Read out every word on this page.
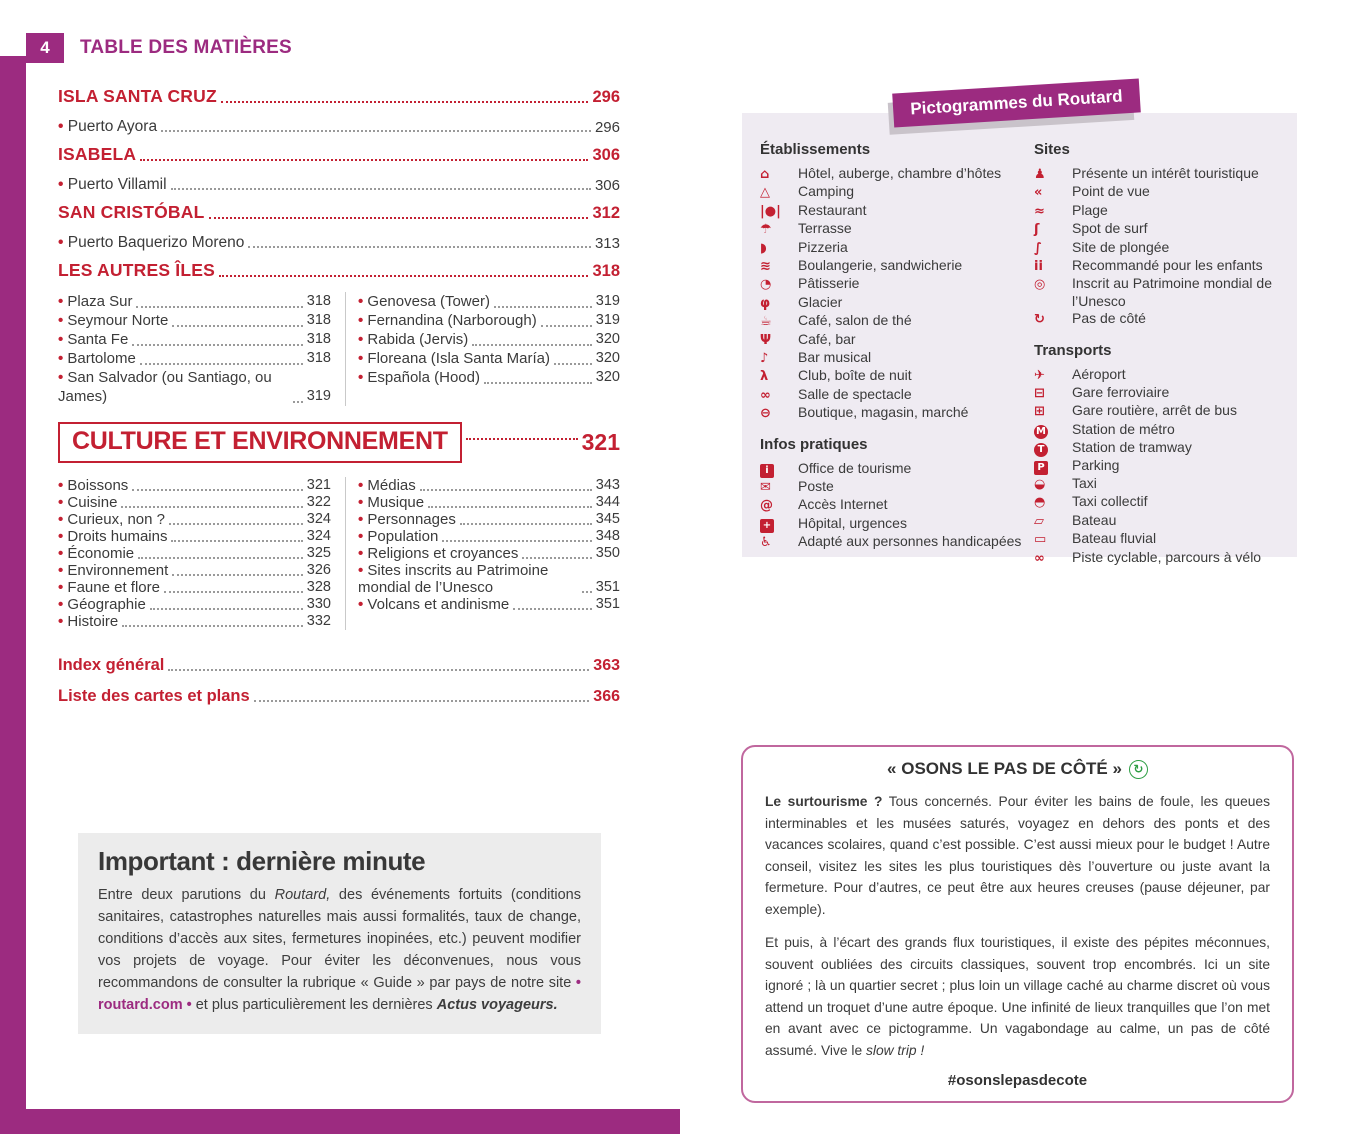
4	TABLE DES MATIÈRES
ISLA SANTA CRUZ	296
• Puerto Ayora	296
ISABELA	306
• Puerto Villamil	306
SAN CRISTÓBAL	312
• Puerto Baquerizo Moreno	313
LES AUTRES ÎLES	318
• Plaza Sur	318
• Seymour Norte	318
• Santa Fe	318
• Bartolome	318
• San Salvador (ou Santiago, ou James)	319
• Genovesa (Tower)	319
• Fernandina (Narborough)	319
• Rabida (Jervis)	320
• Floreana (Isla Santa María)	320
• Española (Hood)	320
CULTURE ET ENVIRONNEMENT	321
• Boissons	321
• Cuisine	322
• Curieux, non ?	324
• Droits humains	324
• Économie	325
• Environnement	326
• Faune et flore	328
• Géographie	330
• Histoire	332
• Médias	343
• Musique	344
• Personnages	345
• Population	348
• Religions et croyances	350
• Sites inscrits au Patrimoine mondial de l’Unesco	351
• Volcans et andinisme	351
Index général	363
Liste des cartes et plans	366
Établissements
⌂	Hôtel, auberge, chambre d’hôtes
△	Camping
|●|	Restaurant
☂	Terrasse
◗	Pizzeria
≋	Boulangerie, sandwicherie
◔	Pâtisserie
φ	Glacier
☕	Café, salon de thé
Ψ	Café, bar
♪	Bar musical
λ	Club, boîte de nuit
∞	Salle de spectacle
⊖	Boutique, magasin, marché
Infos pratiques
i	Office de tourisme
✉	Poste
@	Accès Internet
+	Hôpital, urgences
♿	Adapté aux personnes handicapées
Sites
♟	Présente un intérêt touristique
«	Point de vue
≈	Plage
ʃ	Spot de surf
∫	Site de plongée
ii	Recommandé pour les enfants
◎	Inscrit au Patrimoine mondial de l’Unesco
↻	Pas de côté
Transports
✈	Aéroport
⊟	Gare ferroviaire
⊞	Gare routière, arrêt de bus
M	Station de métro
T	Station de tramway
P	Parking
◒	Taxi
◓	Taxi collectif
▱	Bateau
▭	Bateau fluvial
∞	Piste cyclable, parcours à vélo
Pictogrammes du Routard
Important : dernière minute
Entre deux parutions du Routard, des événements fortuits (conditions sanitaires, catastrophes naturelles mais aussi formalités, taux de change, conditions d’accès aux sites, fermetures inopinées, etc.) peuvent modifier vos projets de voyage. Pour éviter les déconvenues, nous vous recommandons de consulter la rubrique « Guide » par pays de notre site • routard.com • et plus particulièrement les dernières Actus voyageurs.
« OSONS LE PAS DE CÔTÉ » ↻
Le surtourisme ? Tous concernés. Pour éviter les bains de foule, les queues interminables et les musées saturés, voyagez en dehors des ponts et des vacances scolaires, quand c’est possible. C’est aussi mieux pour le budget ! Autre conseil, visitez les sites les plus touristiques dès l’ouverture ou juste avant la fermeture. Pour d’autres, ce peut être aux heures creuses (pause déjeuner, par exemple).
Et puis, à l’écart des grands flux touristiques, il existe des pépites méconnues, souvent oubliées des circuits classiques, souvent trop encombrés. Ici un site ignoré ; là un quartier secret ; plus loin un village caché au charme discret où vous attend un troquet d’une autre époque. Une infinité de lieux tranquilles que l’on met en avant avec ce pictogramme. Un vagabondage au calme, un pas de côté assumé. Vive le slow trip !
#osonslepasdecote
